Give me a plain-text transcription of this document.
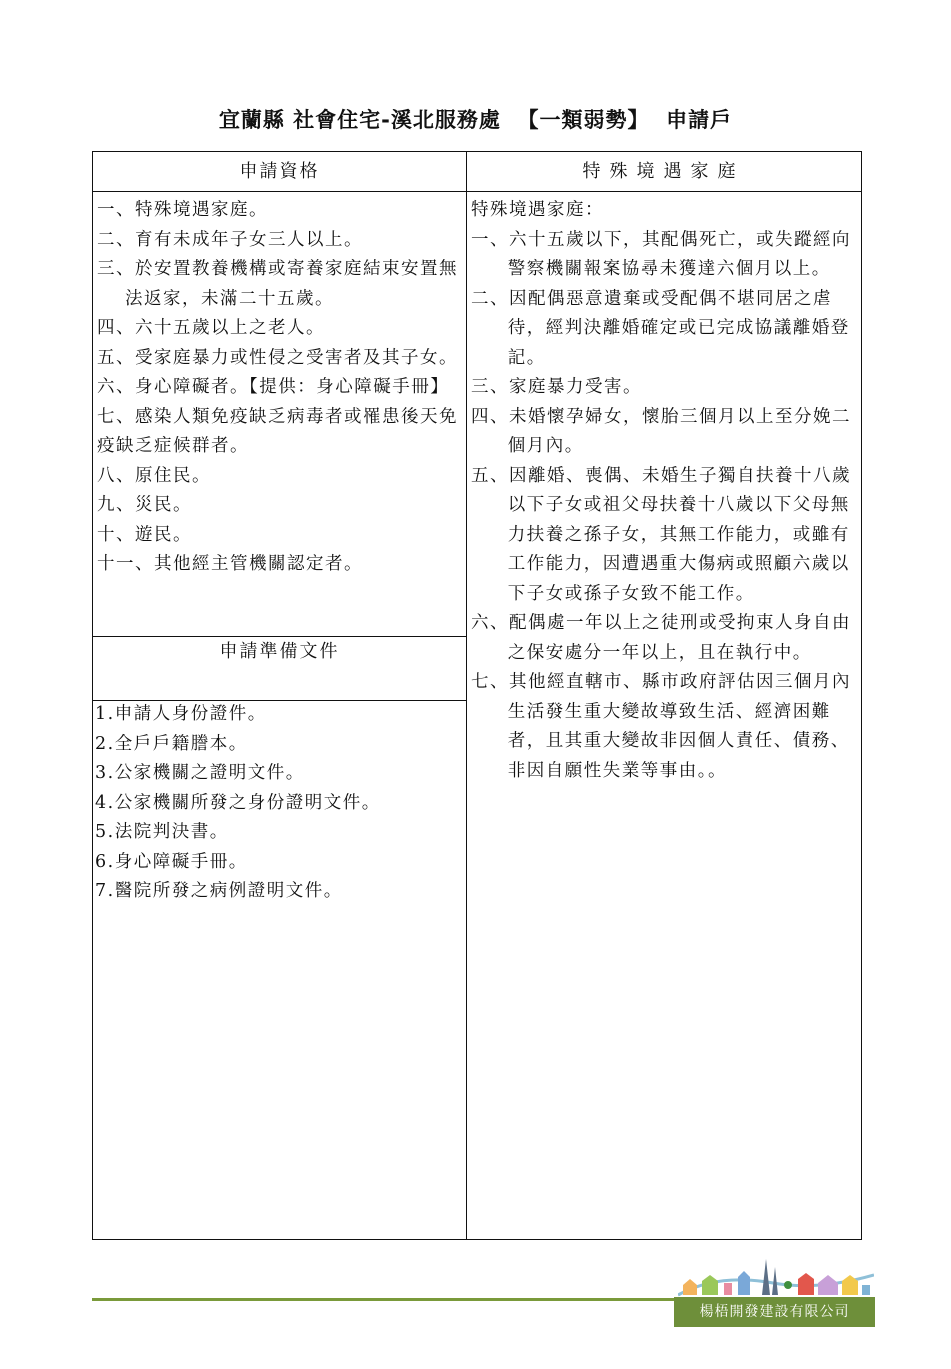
宜蘭縣 社會住宅-溪北服務處  【一類弱勢】  申請戶
申請資格	特殊境遇家庭
一、特殊境遇家庭。
二、育有未成年子女三人以上。
三、於安置教養機構或寄養家庭結束安置無法返家，未滿二十五歲。
四、六十五歲以上之老人。
五、受家庭暴力或性侵之受害者及其子女。
六、身心障礙者。【提供：身心障礙手冊】
七、感染人類免疫缺乏病毒者或罹患後天免疫缺乏症候群者。
八、原住民。
九、災民。
十、遊民。
十一、其他經主管機關認定者。
申請準備文件
1.申請人身份證件。
2.全戶戶籍謄本。
3.公家機關之證明文件。
4.公家機關所發之身份證明文件。
5.法院判決書。
6.身心障礙手冊。
7.醫院所發之病例證明文件。
特殊境遇家庭：
一、六十五歲以下，其配偶死亡，或失蹤經向警察機關報案協尋未獲達六個月以上。
二、因配偶惡意遺棄或受配偶不堪同居之虐待，經判決離婚確定或已完成協議離婚登記。
三、家庭暴力受害。
四、未婚懷孕婦女，懷胎三個月以上至分娩二個月內。
五、因離婚、喪偶、未婚生子獨自扶養十八歲以下子女或祖父母扶養十八歲以下父母無力扶養之孫子女，其無工作能力，或雖有工作能力，因遭遇重大傷病或照顧六歲以下子女或孫子女致不能工作。
六、配偶處一年以上之徒刑或受拘束人身自由之保安處分一年以上，且在執行中。
七、其他經直轄市、縣市政府評估因三個月內生活發生重大變故導致生活、經濟困難者，且其重大變故非因個人責任、債務、非因自願性失業等事由。。
楊梧開發建設有限公司
